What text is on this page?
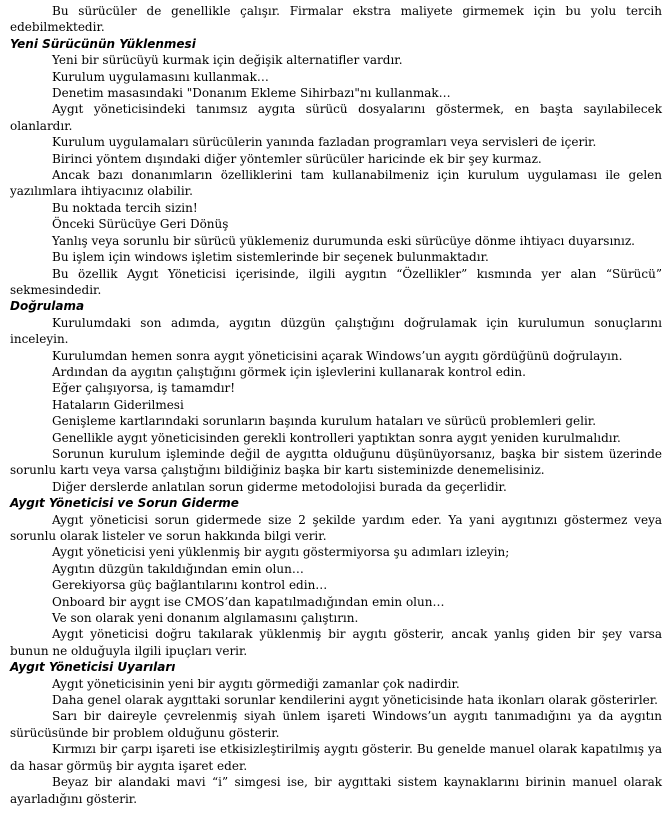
Bu sürücüler de genellikle çalışır. Firmalar ekstra maliyete girmemek için bu yolu tercih edebilmektedir.

Yeni Sürücünün Yüklenmesi

Yeni bir sürücüyü kurmak için değişik alternatifler vardır.

Kurulum uygulamasını kullanmak…

Denetim masasındaki "Donanım Ekleme Sihirbazı"nı kullanmak…

Aygıt yöneticisindeki tanımsız aygıta sürücü dosyalarını göstermek, en başta sayılabilecek olanlardır.

Kurulum uygulamaları sürücülerin yanında fazladan programları veya servisleri de içerir.

Birinci yöntem dışındaki diğer yöntemler sürücüler haricinde ek bir şey kurmaz.

Ancak bazı donanımların özelliklerini tam kullanabilmeniz için kurulum uygulaması ile gelen yazılımlara ihtiyacınız olabilir.

Bu noktada tercih sizin!

Önceki Sürücüye Geri Dönüş

Yanlış veya sorunlu bir sürücü yüklemeniz durumunda eski sürücüye dönme ihtiyacı duyarsınız.

Bu işlem için windows işletim sistemlerinde bir seçenek bulunmaktadır.

Bu özellik Aygıt Yöneticisi içerisinde, ilgili aygıtın “Özellikler” kısmında yer alan “Sürücü” sekmesindedir.

Doğrulama

Kurulumdaki son adımda, aygıtın düzgün çalıştığını doğrulamak için kurulumun sonuçlarını inceleyin.

Kurulumdan hemen sonra aygıt yöneticisini açarak Windows’un aygıtı gördüğünü doğrulayın.

Ardından da aygıtın çalıştığını görmek için işlevlerini kullanarak kontrol edin.

Eğer çalışıyorsa, iş tamamdır!

Hataların Giderilmesi

Genişleme kartlarındaki sorunların başında kurulum hataları ve sürücü problemleri gelir.

Genellikle aygıt yöneticisinden gerekli kontrolleri yaptıktan sonra aygıt yeniden kurulmalıdır.

Sorunun kurulum işleminde değil de aygıtta olduğunu düşünüyorsanız, başka bir sistem üzerinde sorunlu kartı veya varsa çalıştığını bildiğiniz başka bir kartı sisteminizde denemelisiniz.

Diğer derslerde anlatılan sorun giderme metodolojisi burada da geçerlidir.

Aygıt Yöneticisi ve Sorun Giderme

Aygıt yöneticisi sorun gidermede size 2 şekilde yardım eder. Ya yani aygıtınızı göstermez veya sorunlu olarak listeler ve sorun hakkında bilgi verir.

Aygıt yöneticisi yeni yüklenmiş bir aygıtı göstermiyorsa şu adımları izleyin;

Aygıtın düzgün takıldığından emin olun…

Gerekiyorsa güç bağlantılarını kontrol edin…

Onboard bir aygıt ise CMOS’dan kapatılmadığından emin olun…

Ve son olarak yeni donanım algılamasını çalıştırın.

Aygıt yöneticisi doğru takılarak yüklenmiş bir aygıtı gösterir, ancak yanlış giden bir şey varsa bunun ne olduğuyla ilgili ipuçları verir.

Aygıt Yöneticisi Uyarıları

Aygıt yöneticisinin yeni bir aygıtı görmediği zamanlar çok nadirdir.

Daha genel olarak aygıttaki sorunlar kendilerini aygıt yöneticisinde hata ikonları olarak gösterirler.

Sarı bir daireyle çevrelenmiş siyah ünlem işareti Windows’un aygıtı tanımadığını ya da aygıtın sürücüsünde bir problem olduğunu gösterir.

Kırmızı bir çarpı işareti ise etkisizleştirilmiş aygıtı gösterir. Bu genelde manuel olarak kapatılmış ya da hasar görmüş bir aygıta işaret eder.

Beyaz bir alandaki mavi “i” simgesi ise, bir aygıttaki sistem kaynaklarını birinin manuel olarak ayarladığını gösterir.
